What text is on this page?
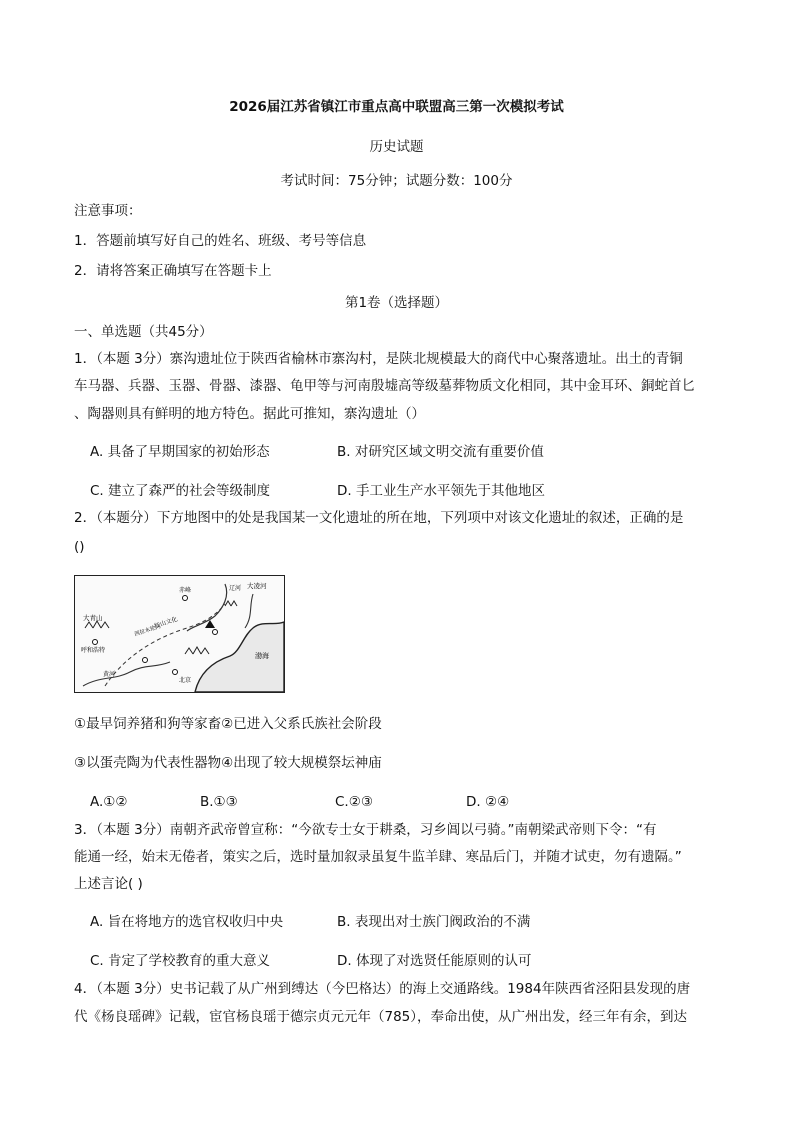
2026届江苏省镇江市重点高中联盟高三第一次模拟考试
历史试题
考试时间：75分钟；试题分数：100分
注意事项：
1．答题前填写好自己的姓名、班级、考号等信息
2．请将答案正确填写在答题卡上
第1卷（选择题）
一、单选题（共45分）
1．（本题 3分）寨沟遗址位于陕西省榆林市寨沟村，是陕北规模最大的商代中心聚落遗址。出土的青铜
车马器、兵器、玉器、骨器、漆器、龟甲等与河南殷墟高等级墓葬物质文化相同，其中金耳环、銅蛇首匕
、陶器则具有鲜明的地方特色。据此可推知，寨沟遗址（）
A. 具备了早期国家的初始形态	B. 对研究区域文明交流有重要价值
C. 建立了森严的社会等级制度	D. 手工业生产水平领先于其他地区
2．（本题分）下方地图中的处是我国某一文化遗址的所在地，下列项中对该文化遗址的叙述，正确的是
()
大青山
呼和浩特
赤峰	辽河
西拉木伦河
红山文化
北京
大凌河
渤海
黄河
①最早饲养猪和狗等家畜②已进入父系氏族社会阶段
③以蛋壳陶为代表性器物④出现了较大规模祭坛神庙
A.①②	B.①③	C.②③	D. ②④
3．（本题 3分）南朝齐武帝曾宣称：“今欲专士女于耕桑，习乡阊以弓骑。”南朝梁武帝则下令：“有
能通一经，始末无倦者，策实之后，选时量加叙录虽复牛监羊肆、寒品后门，并随才试吏，勿有遗隔。”
上述言论( )
A. 旨在将地方的选官权收归中央	B. 表现出对士族门阀政治的不满
C. 肯定了学校教育的重大意义	D. 体现了对选贤任能原则的认可
4．（本题 3分）史书记载了从广州到缚达（今巴格达）的海上交通路线。1984年陕西省泾阳县发现的唐
代《杨良瑶碑》记载，宦官杨良瑶于德宗贞元元年（785），奉命出使，从广州出发，经三年有余，到达
